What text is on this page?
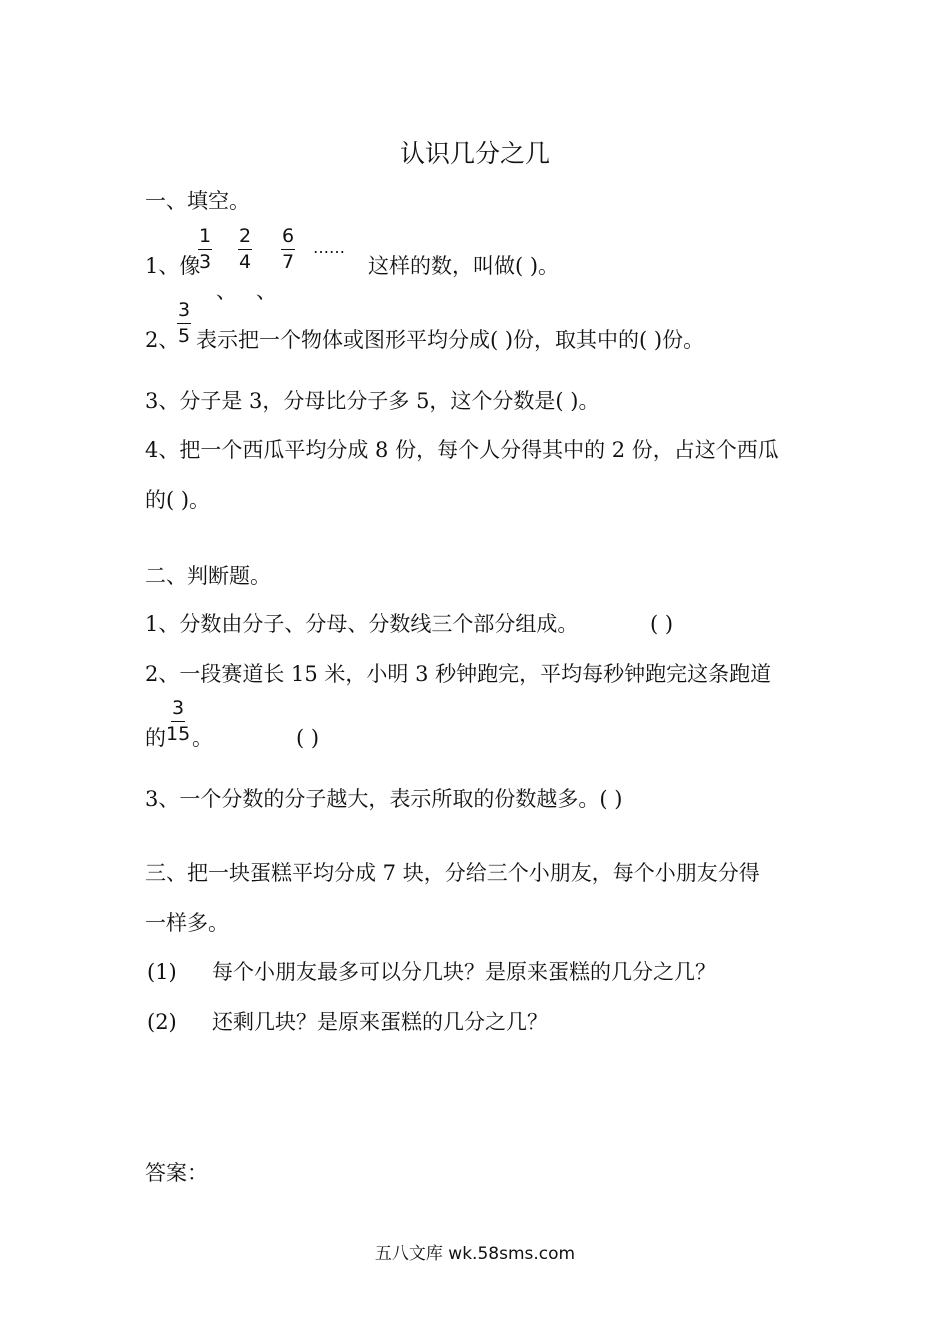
认识几分之几
一、填空。
1、像
$\frac{1}{3} \frac{2}{4} \frac{6}{7}$ ……
、 、
这样的数，叫做( )。
2、
$\frac{3}{5}$ 表示把一个物体或图形平均分成( )份，取其中的( )份。
3、分子是 3，分母比分子多 5，这个分数是( )。
4、把一个西瓜平均分成 8 份，每个人分得其中的 2 份，占这个西瓜
的( )。
二、判断题。
1、分数由分子、分母、分数线三个部分组成。	( )
2、一段赛道长 15 米，小明 3 秒钟跑完，平均每秒钟跑完这条跑道
的 $\frac{3}{15}$ 。	( )
3、一个分数的分子越大，表示所取的份数越多。( )
三、把一块蛋糕平均分成 7 块，分给三个小朋友，每个小朋友分得
一样多。
(1) 每个小朋友最多可以分几块？是原来蛋糕的几分之几？
(2) 还剩几块？是原来蛋糕的几分之几？
答案：
五八文库 wk.58sms.com
